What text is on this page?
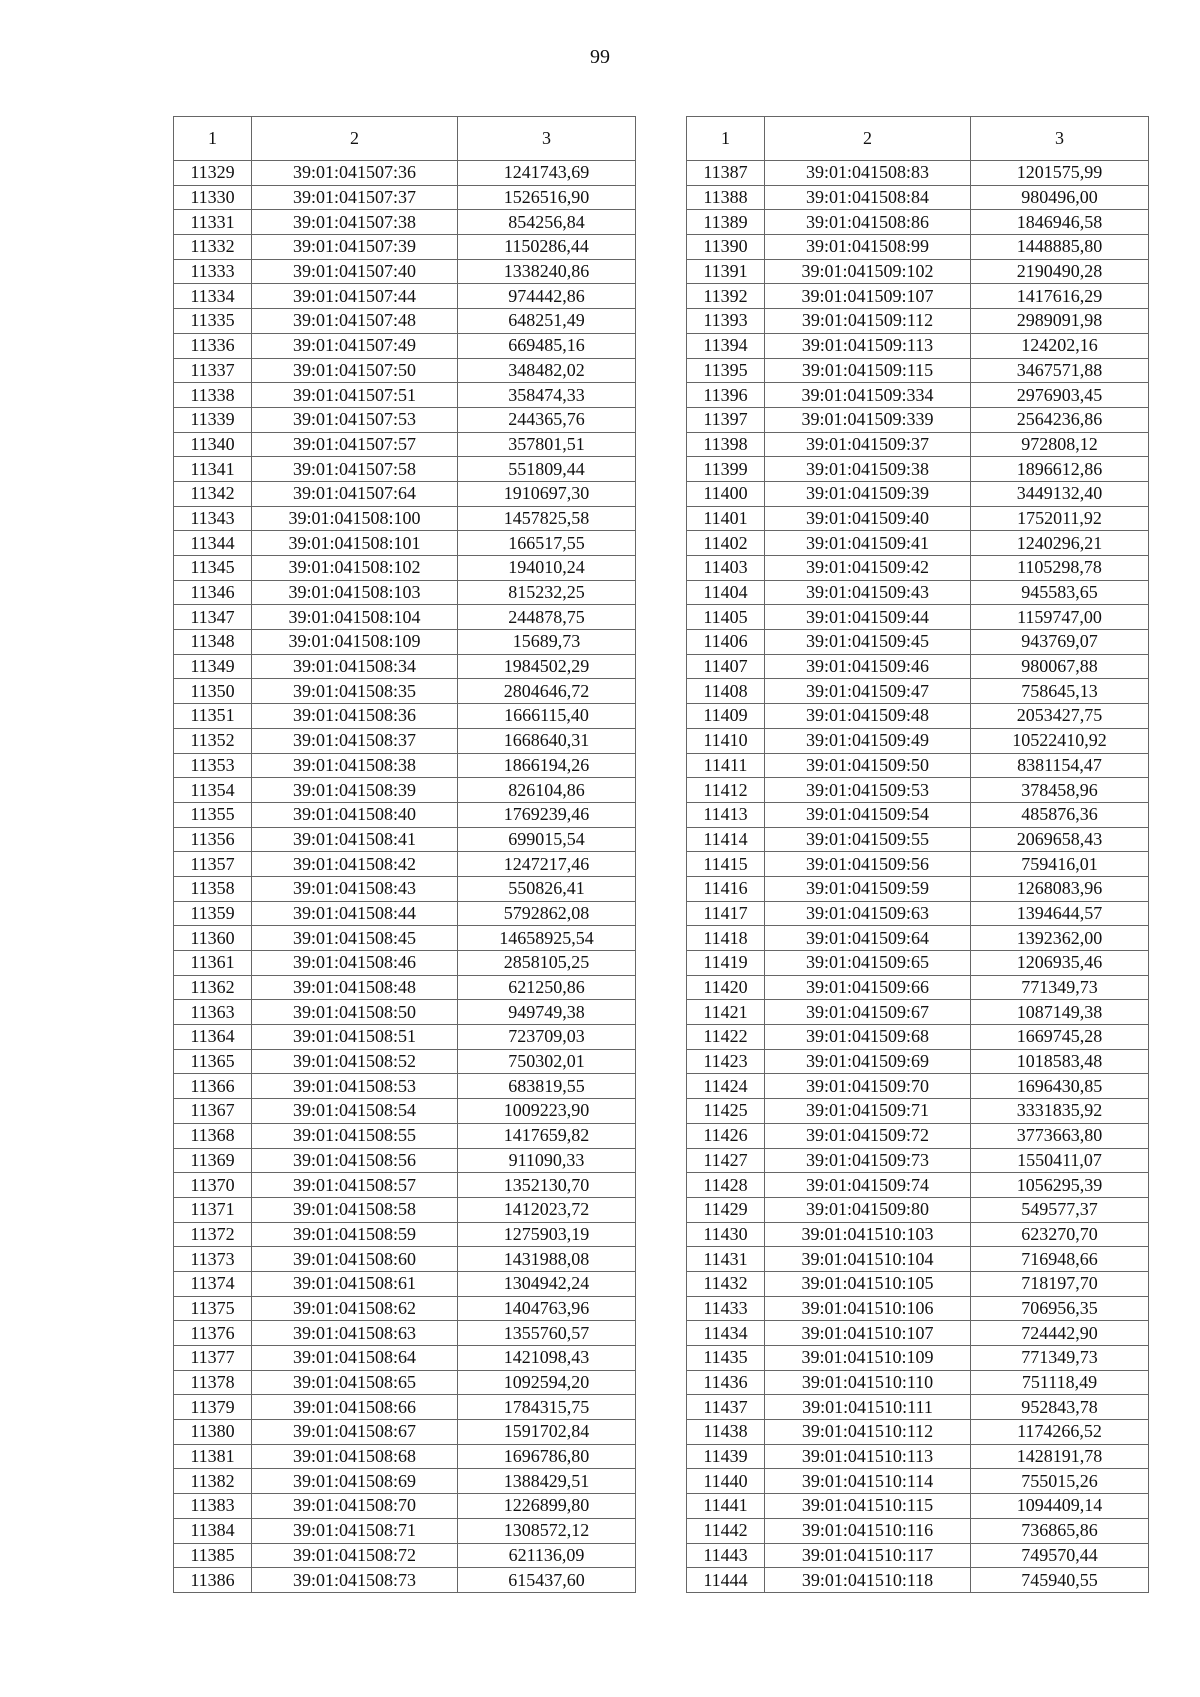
99
1	2	3
11329	39:01:041507:36	1241743,69
11330	39:01:041507:37	1526516,90
11331	39:01:041507:38	854256,84
11332	39:01:041507:39	1150286,44
11333	39:01:041507:40	1338240,86
11334	39:01:041507:44	974442,86
11335	39:01:041507:48	648251,49
11336	39:01:041507:49	669485,16
11337	39:01:041507:50	348482,02
11338	39:01:041507:51	358474,33
11339	39:01:041507:53	244365,76
11340	39:01:041507:57	357801,51
11341	39:01:041507:58	551809,44
11342	39:01:041507:64	1910697,30
11343	39:01:041508:100	1457825,58
11344	39:01:041508:101	166517,55
11345	39:01:041508:102	194010,24
11346	39:01:041508:103	815232,25
11347	39:01:041508:104	244878,75
11348	39:01:041508:109	15689,73
11349	39:01:041508:34	1984502,29
11350	39:01:041508:35	2804646,72
11351	39:01:041508:36	1666115,40
11352	39:01:041508:37	1668640,31
11353	39:01:041508:38	1866194,26
11354	39:01:041508:39	826104,86
11355	39:01:041508:40	1769239,46
11356	39:01:041508:41	699015,54
11357	39:01:041508:42	1247217,46
11358	39:01:041508:43	550826,41
11359	39:01:041508:44	5792862,08
11360	39:01:041508:45	14658925,54
11361	39:01:041508:46	2858105,25
11362	39:01:041508:48	621250,86
11363	39:01:041508:50	949749,38
11364	39:01:041508:51	723709,03
11365	39:01:041508:52	750302,01
11366	39:01:041508:53	683819,55
11367	39:01:041508:54	1009223,90
11368	39:01:041508:55	1417659,82
11369	39:01:041508:56	911090,33
11370	39:01:041508:57	1352130,70
11371	39:01:041508:58	1412023,72
11372	39:01:041508:59	1275903,19
11373	39:01:041508:60	1431988,08
11374	39:01:041508:61	1304942,24
11375	39:01:041508:62	1404763,96
11376	39:01:041508:63	1355760,57
11377	39:01:041508:64	1421098,43
11378	39:01:041508:65	1092594,20
11379	39:01:041508:66	1784315,75
11380	39:01:041508:67	1591702,84
11381	39:01:041508:68	1696786,80
11382	39:01:041508:69	1388429,51
11383	39:01:041508:70	1226899,80
11384	39:01:041508:71	1308572,12
11385	39:01:041508:72	621136,09
11386	39:01:041508:73	615437,60
1	2	3
11387	39:01:041508:83	1201575,99
11388	39:01:041508:84	980496,00
11389	39:01:041508:86	1846946,58
11390	39:01:041508:99	1448885,80
11391	39:01:041509:102	2190490,28
11392	39:01:041509:107	1417616,29
11393	39:01:041509:112	2989091,98
11394	39:01:041509:113	124202,16
11395	39:01:041509:115	3467571,88
11396	39:01:041509:334	2976903,45
11397	39:01:041509:339	2564236,86
11398	39:01:041509:37	972808,12
11399	39:01:041509:38	1896612,86
11400	39:01:041509:39	3449132,40
11401	39:01:041509:40	1752011,92
11402	39:01:041509:41	1240296,21
11403	39:01:041509:42	1105298,78
11404	39:01:041509:43	945583,65
11405	39:01:041509:44	1159747,00
11406	39:01:041509:45	943769,07
11407	39:01:041509:46	980067,88
11408	39:01:041509:47	758645,13
11409	39:01:041509:48	2053427,75
11410	39:01:041509:49	10522410,92
11411	39:01:041509:50	8381154,47
11412	39:01:041509:53	378458,96
11413	39:01:041509:54	485876,36
11414	39:01:041509:55	2069658,43
11415	39:01:041509:56	759416,01
11416	39:01:041509:59	1268083,96
11417	39:01:041509:63	1394644,57
11418	39:01:041509:64	1392362,00
11419	39:01:041509:65	1206935,46
11420	39:01:041509:66	771349,73
11421	39:01:041509:67	1087149,38
11422	39:01:041509:68	1669745,28
11423	39:01:041509:69	1018583,48
11424	39:01:041509:70	1696430,85
11425	39:01:041509:71	3331835,92
11426	39:01:041509:72	3773663,80
11427	39:01:041509:73	1550411,07
11428	39:01:041509:74	1056295,39
11429	39:01:041509:80	549577,37
11430	39:01:041510:103	623270,70
11431	39:01:041510:104	716948,66
11432	39:01:041510:105	718197,70
11433	39:01:041510:106	706956,35
11434	39:01:041510:107	724442,90
11435	39:01:041510:109	771349,73
11436	39:01:041510:110	751118,49
11437	39:01:041510:111	952843,78
11438	39:01:041510:112	1174266,52
11439	39:01:041510:113	1428191,78
11440	39:01:041510:114	755015,26
11441	39:01:041510:115	1094409,14
11442	39:01:041510:116	736865,86
11443	39:01:041510:117	749570,44
11444	39:01:041510:118	745940,55
